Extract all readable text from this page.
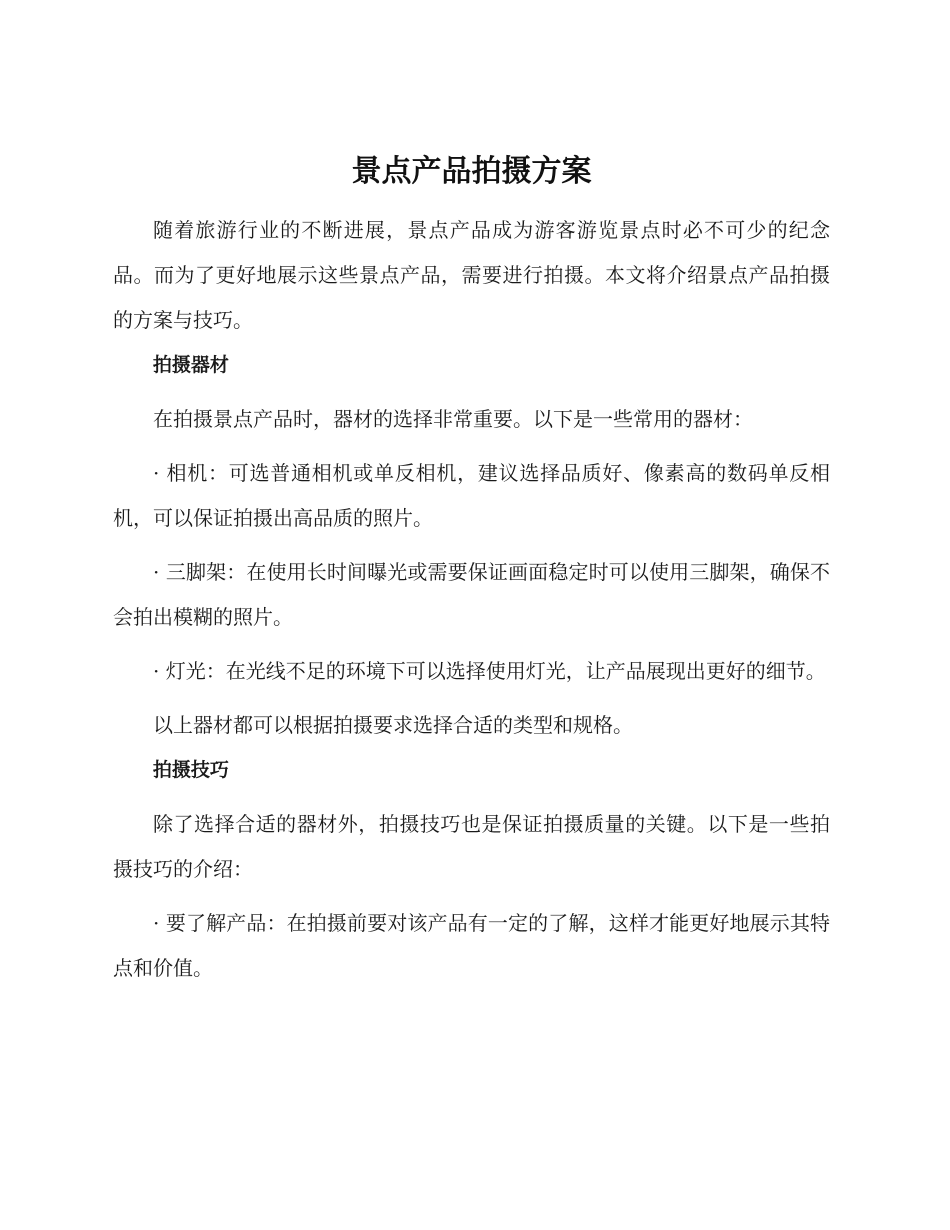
景点产品拍摄方案

随着旅游行业的不断进展，景点产品成为游客游览景点时必不可少的纪念品。而为了更好地展示这些景点产品，需要进行拍摄。本文将介绍景点产品拍摄的方案与技巧。

拍摄器材

在拍摄景点产品时，器材的选择非常重要。以下是一些常用的器材：

· 相机：可选普通相机或单反相机，建议选择品质好、像素高的数码单反相机，可以保证拍摄出高品质的照片。

· 三脚架：在使用长时间曝光或需要保证画面稳定时可以使用三脚架，确保不会拍出模糊的照片。

· 灯光：在光线不足的环境下可以选择使用灯光，让产品展现出更好的细节。

以上器材都可以根据拍摄要求选择合适的类型和规格。

拍摄技巧

除了选择合适的器材外，拍摄技巧也是保证拍摄质量的关键。以下是一些拍摄技巧的介绍：

· 要了解产品：在拍摄前要对该产品有一定的了解，这样才能更好地展示其特点和价值。
